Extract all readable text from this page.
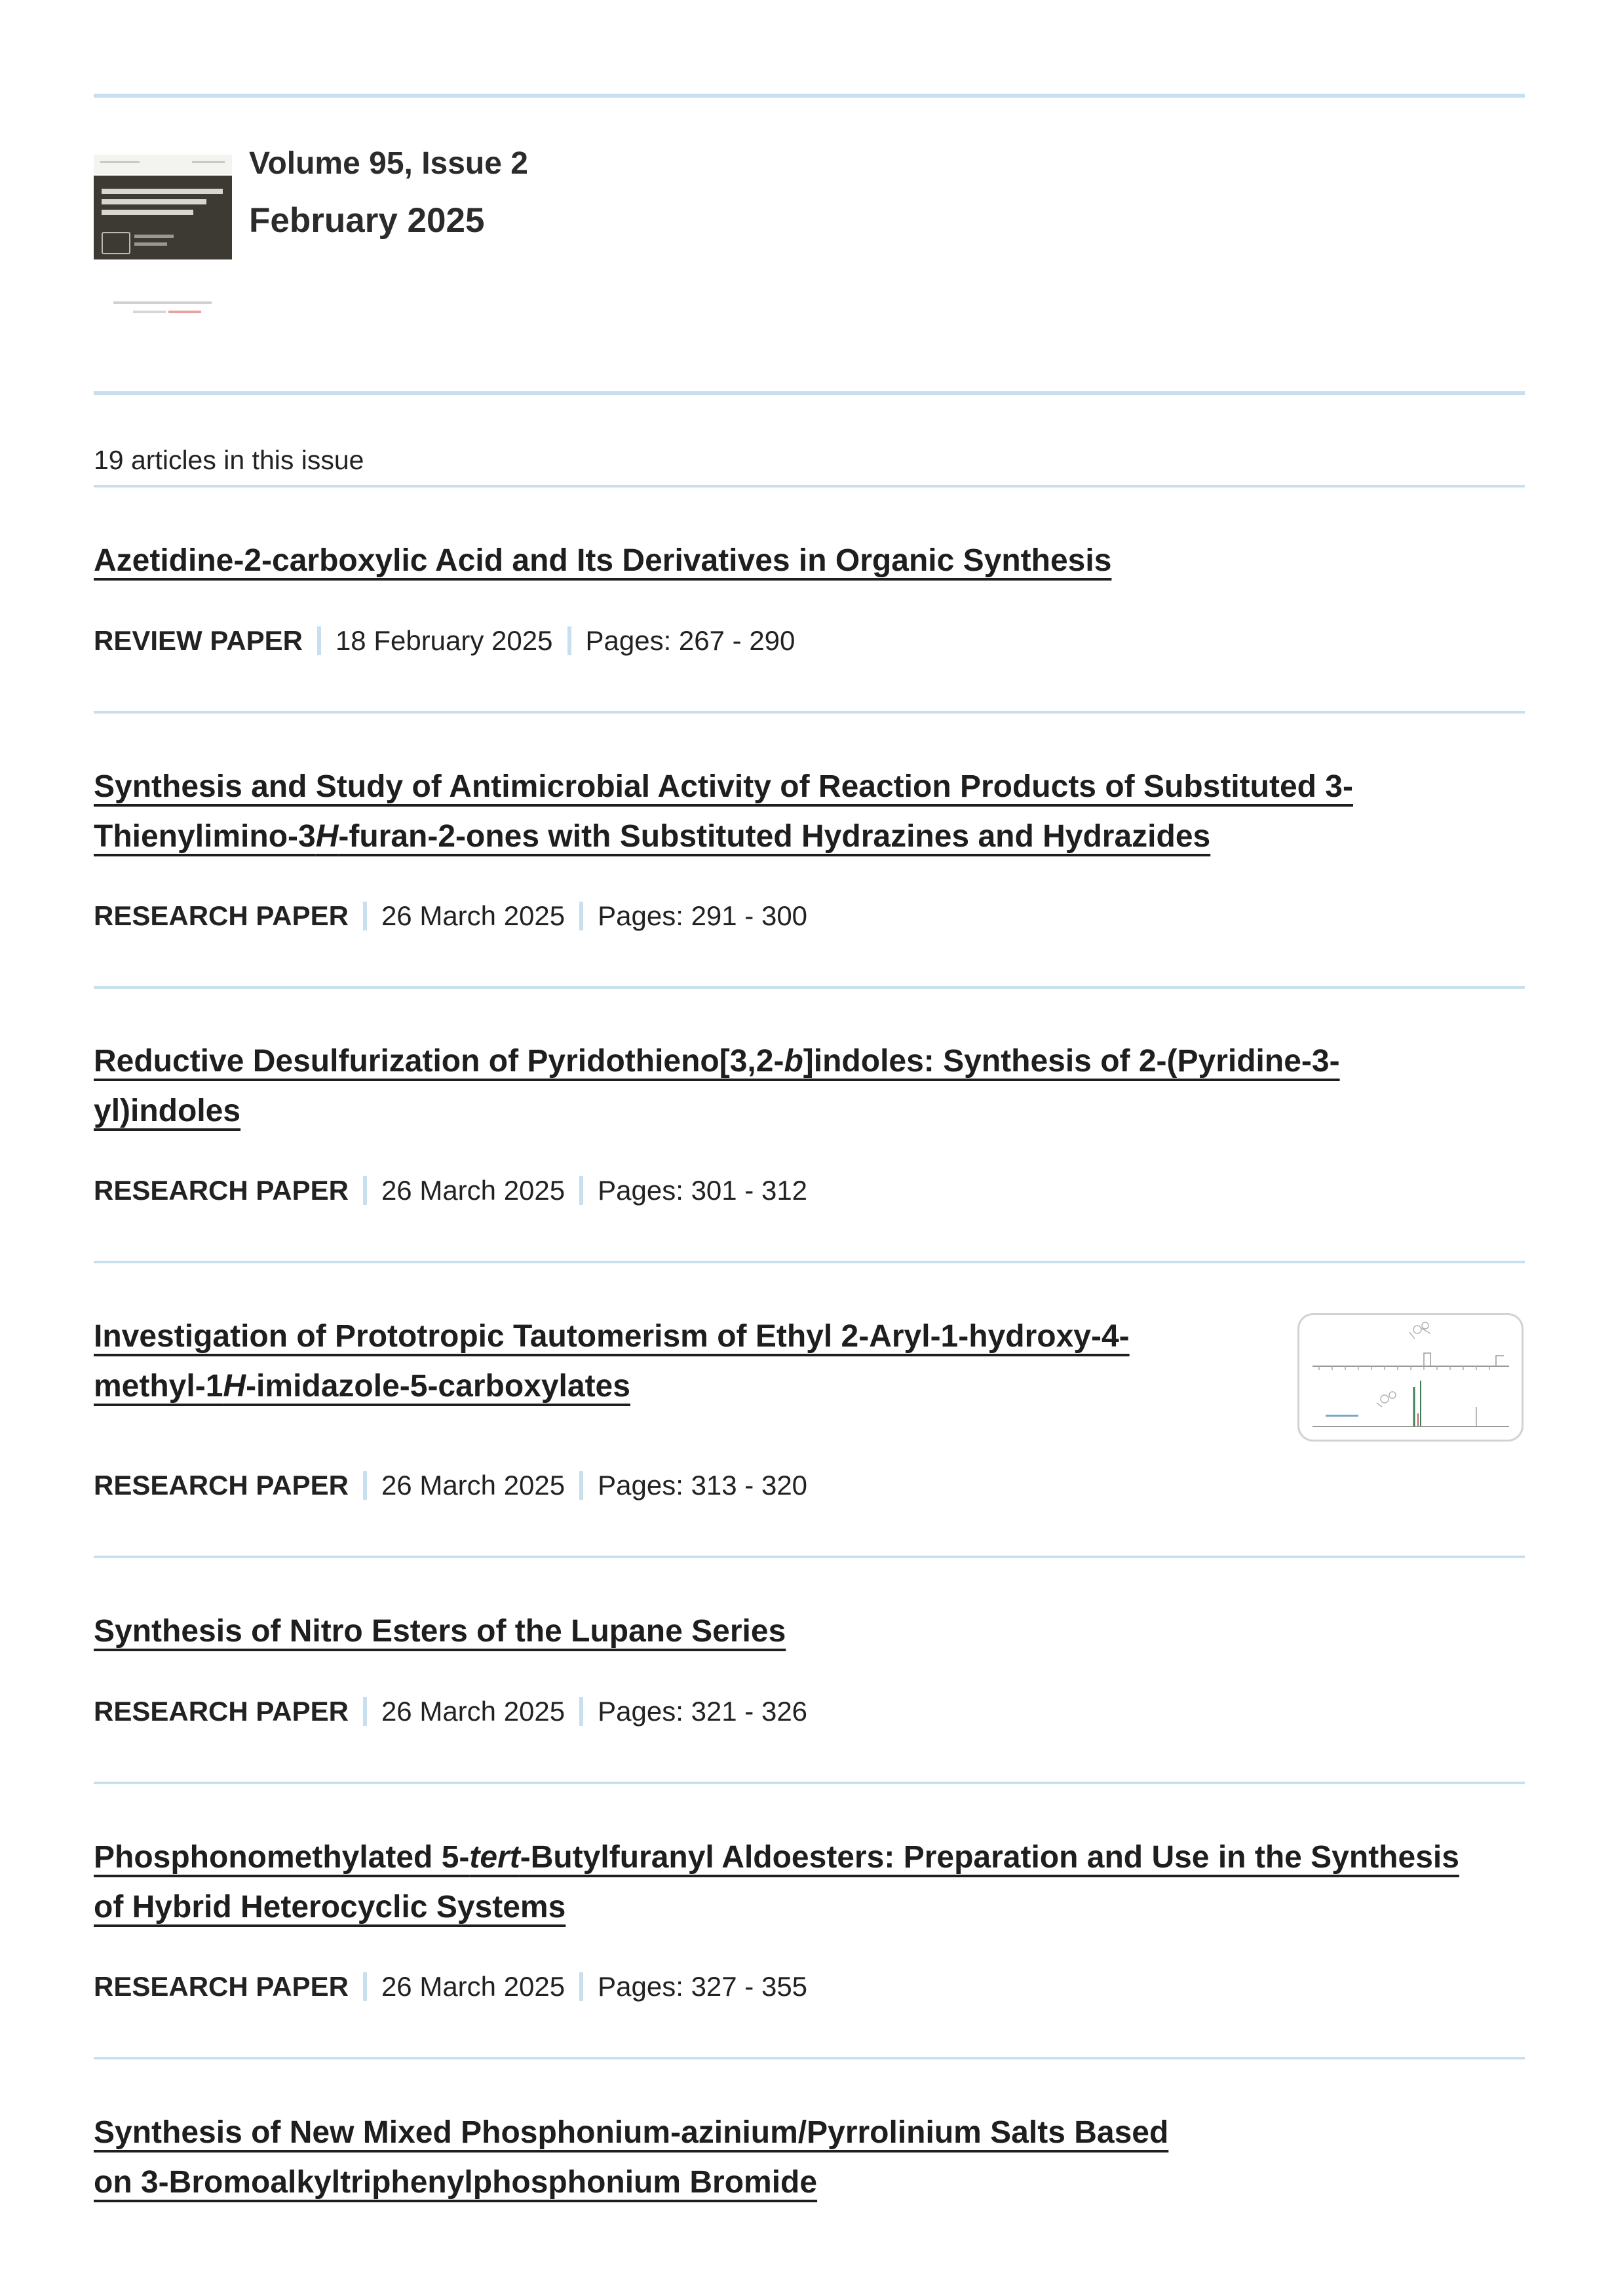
Volume 95, Issue 2
February 2025
19 articles in this issue
Azetidine-2-carboxylic Acid and Its Derivatives in Organic Synthesis
REVIEW PAPER 18 February 2025 Pages: 267 - 290
Synthesis and Study of Antimicrobial Activity of Reaction Products of Substituted 3-
Thienylimino-3H-furan-2-ones with Substituted Hydrazines and Hydrazides
RESEARCH PAPER 26 March 2025 Pages: 291 - 300
Reductive Desulfurization of Pyridothieno[3,2-b]indoles: Synthesis of 2-(Pyridine-3-
yl)indoles
RESEARCH PAPER 26 March 2025 Pages: 301 - 312
Investigation of Prototropic Tautomerism of Ethyl 2-Aryl-1-hydroxy-4-
methyl-1H-imidazole-5-carboxylates
RESEARCH PAPER 26 March 2025 Pages: 313 - 320
Synthesis of Nitro Esters of the Lupane Series
RESEARCH PAPER 26 March 2025 Pages: 321 - 326
Phosphonomethylated 5-tert-Butylfuranyl Aldoesters: Preparation and Use in the Synthesis
of Hybrid Heterocyclic Systems
RESEARCH PAPER 26 March 2025 Pages: 327 - 355
Synthesis of New Mixed Phosphonium-azinium/Pyrrolinium Salts Based
on 3-Bromoalkyltriphenylphosphonium Bromide
